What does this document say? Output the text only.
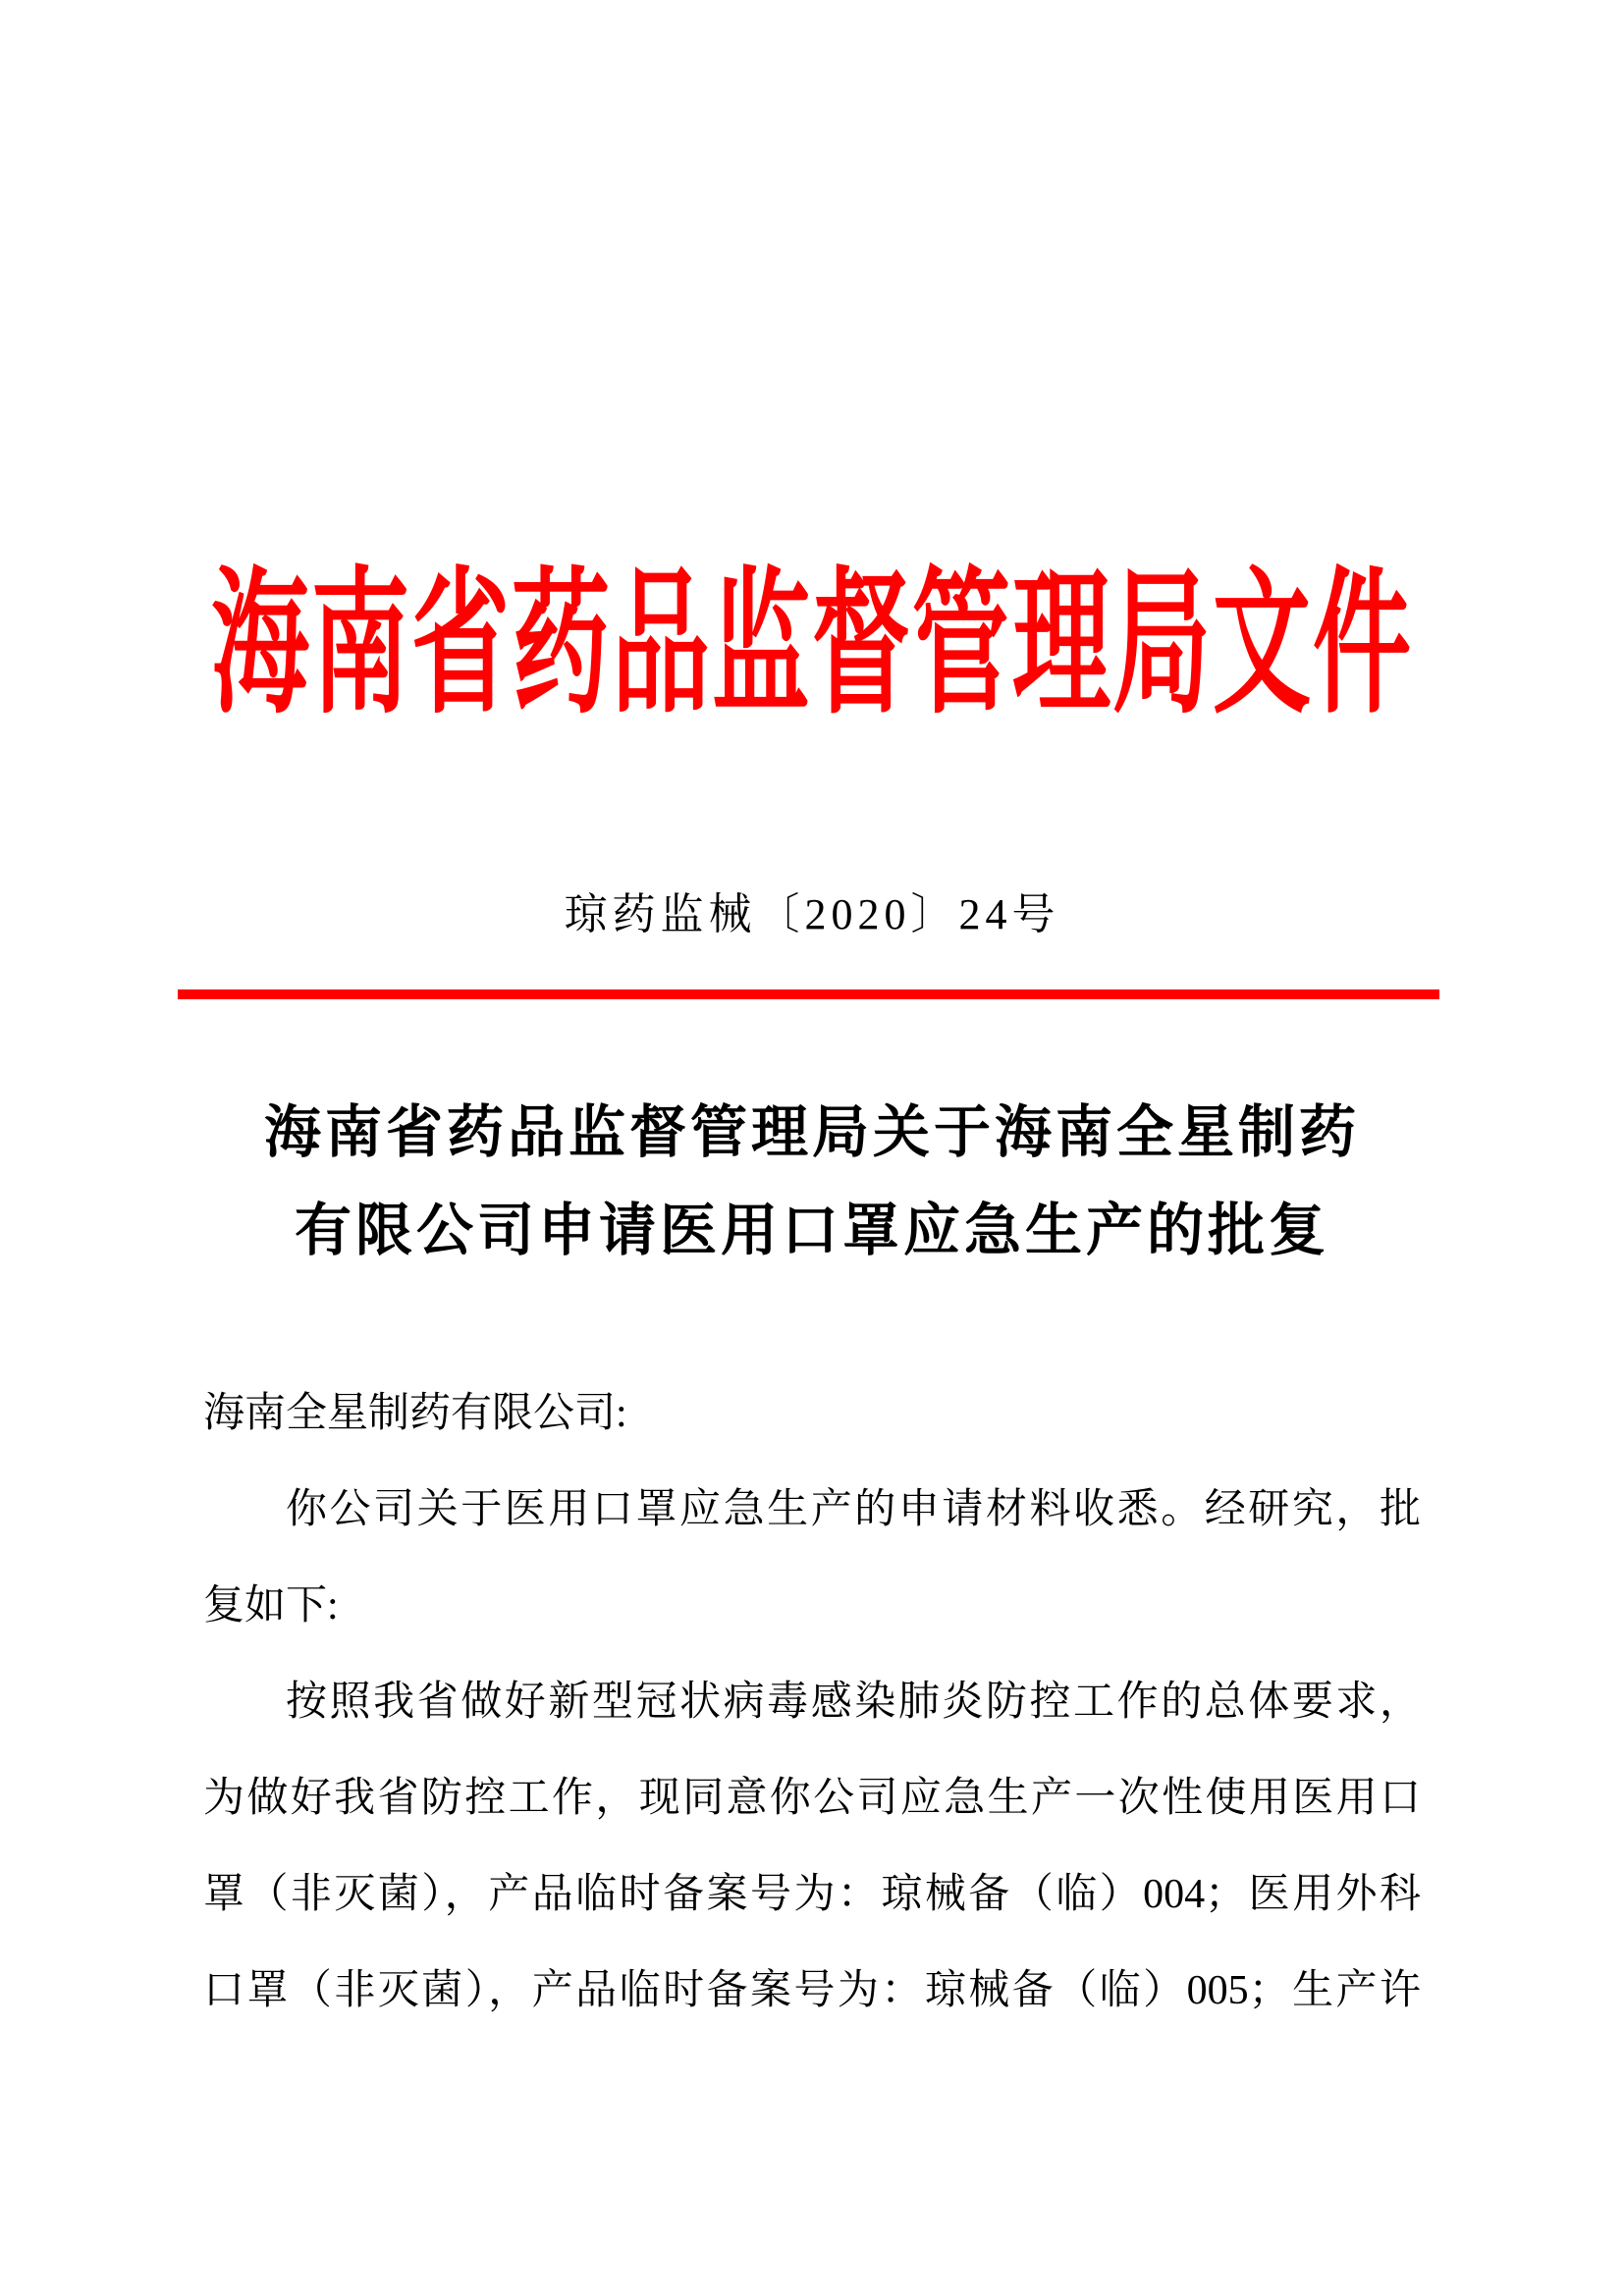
海南省药品监督管理局文件
琼药监械〔2020〕24号
海南省药品监督管理局关于海南全星制药
有限公司申请医用口罩应急生产的批复
海南全星制药有限公司:
你公司关于医用口罩应急生产的申请材料收悉。经研究，批
复如下:
按照我省做好新型冠状病毒感染肺炎防控工作的总体要求，
为做好我省防控工作，现同意你公司应急生产一次性使用医用口
罩（非灭菌），产品临时备案号为：琼械备（临）004；医用外科
口罩（非灭菌），产品临时备案号为：琼械备（临）005；生产许
